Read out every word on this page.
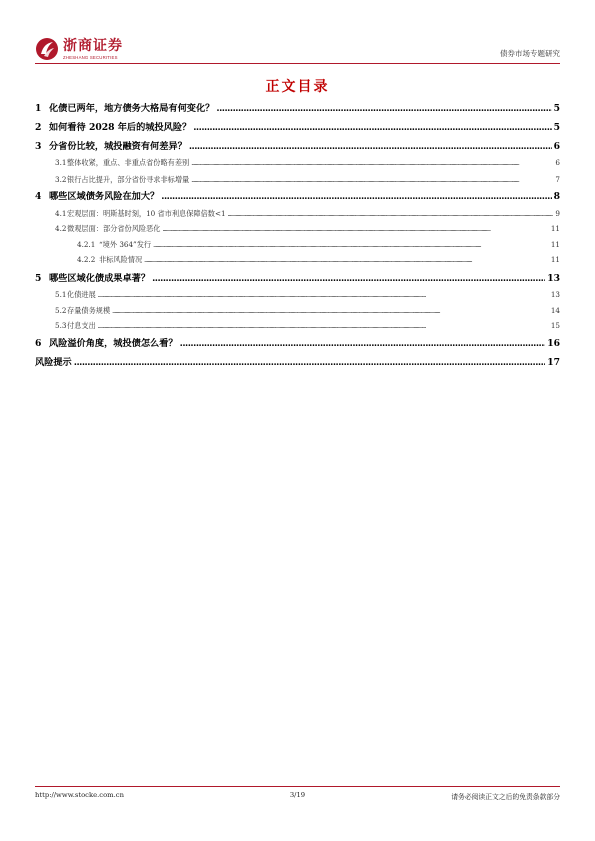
浙商证券
ZHESHANG SECURITIES	债券市场专题研究
正文目录
1 化债已两年，地方债务大格局有何变化？ .....	5
2 如何看待 2028 年后的城投风险？ .....	5
3 分省份比较，城投融资有何差异？ .....	6
3.1 整体收紧，重点、非重点省份略有差别 .....	6
3.2 银行占比提升，部分省份寻求非标增量 .....	7
4 哪些区域债务风险在加大？ .....	8
4.1 宏观层面：明斯基时刻，10 省市利息保障倍数<1 .....	9
4.2 微观层面：部分省份风险恶化 .....	11
4.2.1 “境外 364”发行 .....	11
4.2.2 非标风险情况 .....	11
5 哪些区域化债成果卓著？ .....	13
5.1 化债进展 .....	13
5.2 存量债务规模 .....	14
5.3 付息支出 .....	15
6 风险溢价角度，城投债怎么看？ .....	16
风险提示 .....	17
http://www.stocke.com.cn	3/19	请务必阅读正文之后的免责条款部分
